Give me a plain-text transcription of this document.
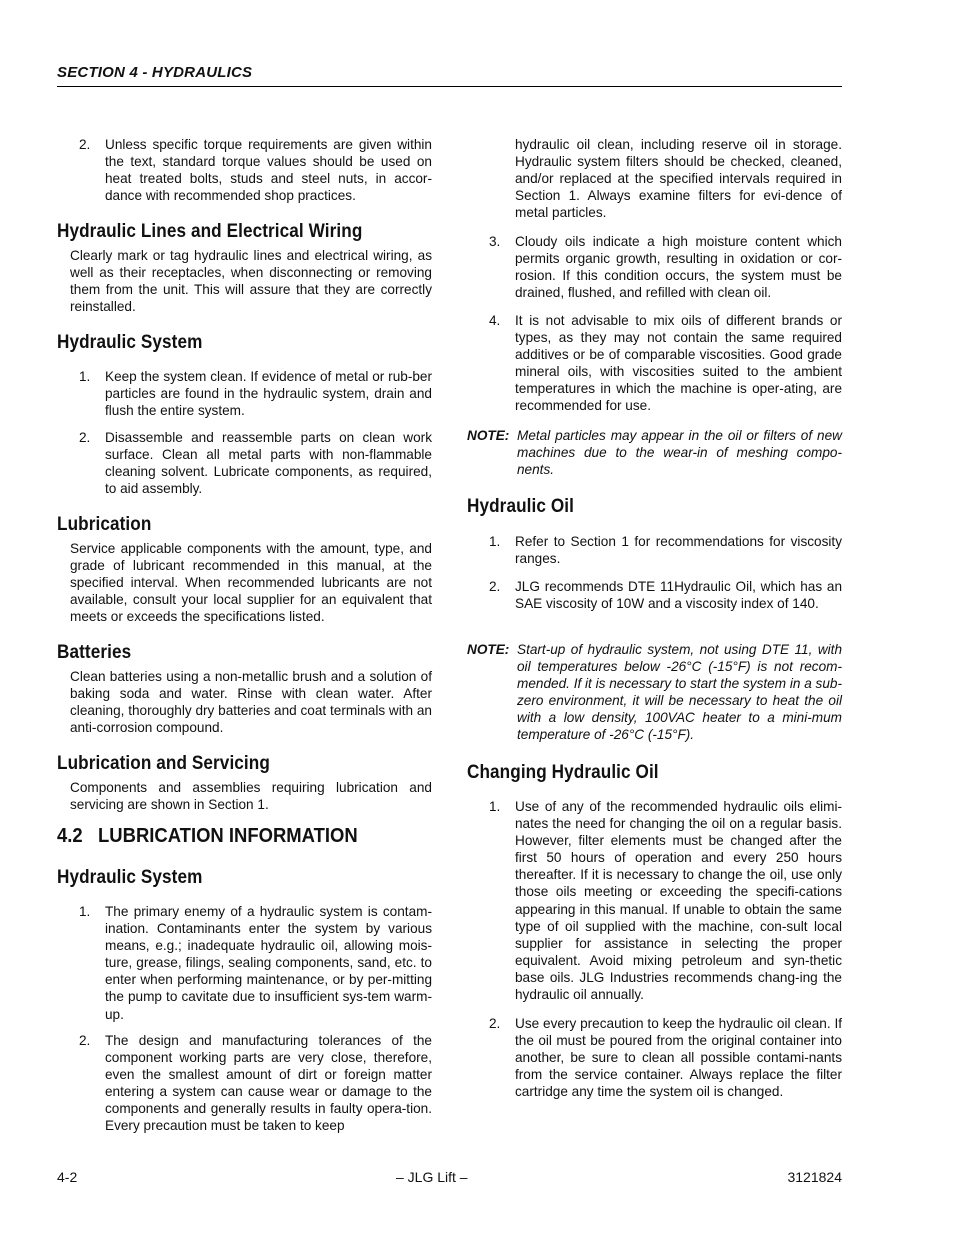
SECTION 4 - HYDRAULICS
2.	Unless specific torque requirements are given within the text, standard torque values should be used on heat treated bolts, studs and steel nuts, in accor-dance with recommended shop practices.
Hydraulic Lines and Electrical Wiring
Clearly mark or tag hydraulic lines and electrical wiring, as well as their receptacles, when disconnecting or removing them from the unit. This will assure that they are correctly reinstalled.
Hydraulic System
1.	Keep the system clean. If evidence of metal or rub-ber particles are found in the hydraulic system, drain and flush the entire system.
2.	Disassemble and reassemble parts on clean work surface. Clean all metal parts with non-flammable cleaning solvent. Lubricate components, as required, to aid assembly.
Lubrication
Service applicable components with the amount, type, and grade of lubricant recommended in this manual, at the specified interval. When recommended lubricants are not available, consult your local supplier for an equivalent that meets or exceeds the specifications listed.
Batteries
Clean batteries using a non-metallic brush and a solution of baking soda and water. Rinse with clean water. After cleaning, thoroughly dry batteries and coat terminals with an anti-corrosion compound.
Lubrication and Servicing
Components and assemblies requiring lubrication and servicing are shown in Section 1.
4.2   LUBRICATION INFORMATION
Hydraulic System
1.	The primary enemy of a hydraulic system is contam-ination. Contaminants enter the system by various means, e.g.; inadequate hydraulic oil, allowing mois-ture, grease, filings, sealing components, sand, etc. to enter when performing maintenance, or by per-mitting the pump to cavitate due to insufficient sys-tem warm-up.
2.	The design and manufacturing tolerances of the component working parts are very close, therefore, even the smallest amount of dirt or foreign matter entering a system can cause wear or damage to the components and generally results in faulty opera-tion. Every precaution must be taken to keep
hydraulic oil clean, including reserve oil in storage. Hydraulic system filters should be checked, cleaned, and/or replaced at the specified intervals required in Section 1. Always examine filters for evi-dence of metal particles.
3.	Cloudy oils indicate a high moisture content which permits organic growth, resulting in oxidation or cor-rosion. If this condition occurs, the system must be drained, flushed, and refilled with clean oil.
4.	It is not advisable to mix oils of different brands or types, as they may not contain the same required additives or be of comparable viscosities. Good grade mineral oils, with viscosities suited to the ambient temperatures in which the machine is oper-ating, are recommended for use.
NOTE: Metal particles may appear in the oil or filters of new machines due to the wear-in of meshing compo-nents.
Hydraulic Oil
1.	Refer to Section 1 for recommendations for viscosity ranges.
2.	JLG recommends DTE 11Hydraulic Oil, which has an SAE viscosity of 10W and a viscosity index of 140.
NOTE: Start-up of hydraulic system, not using DTE 11, with oil temperatures below -26°C (-15°F) is not recom-mended. If it is necessary to start the system in a sub-zero environment, it will be necessary to heat the oil with a low density, 100VAC heater to a mini-mum temperature of -26°C (-15°F).
Changing Hydraulic Oil
1.	Use of any of the recommended hydraulic oils elimi-nates the need for changing the oil on a regular basis. However, filter elements must be changed after the first 50 hours of operation and every 250 hours thereafter. If it is necessary to change the oil, use only those oils meeting or exceeding the specifi-cations appearing in this manual. If unable to obtain the same type of oil supplied with the machine, con-sult local supplier for assistance in selecting the proper equivalent. Avoid mixing petroleum and syn-thetic base oils. JLG Industries recommends chang-ing the hydraulic oil annually.
2.	Use every precaution to keep the hydraulic oil clean. If the oil must be poured from the original container into another, be sure to clean all possible contami-nants from the service container. Always replace the filter cartridge any time the system oil is changed.
4-2	– JLG Lift –	3121824
